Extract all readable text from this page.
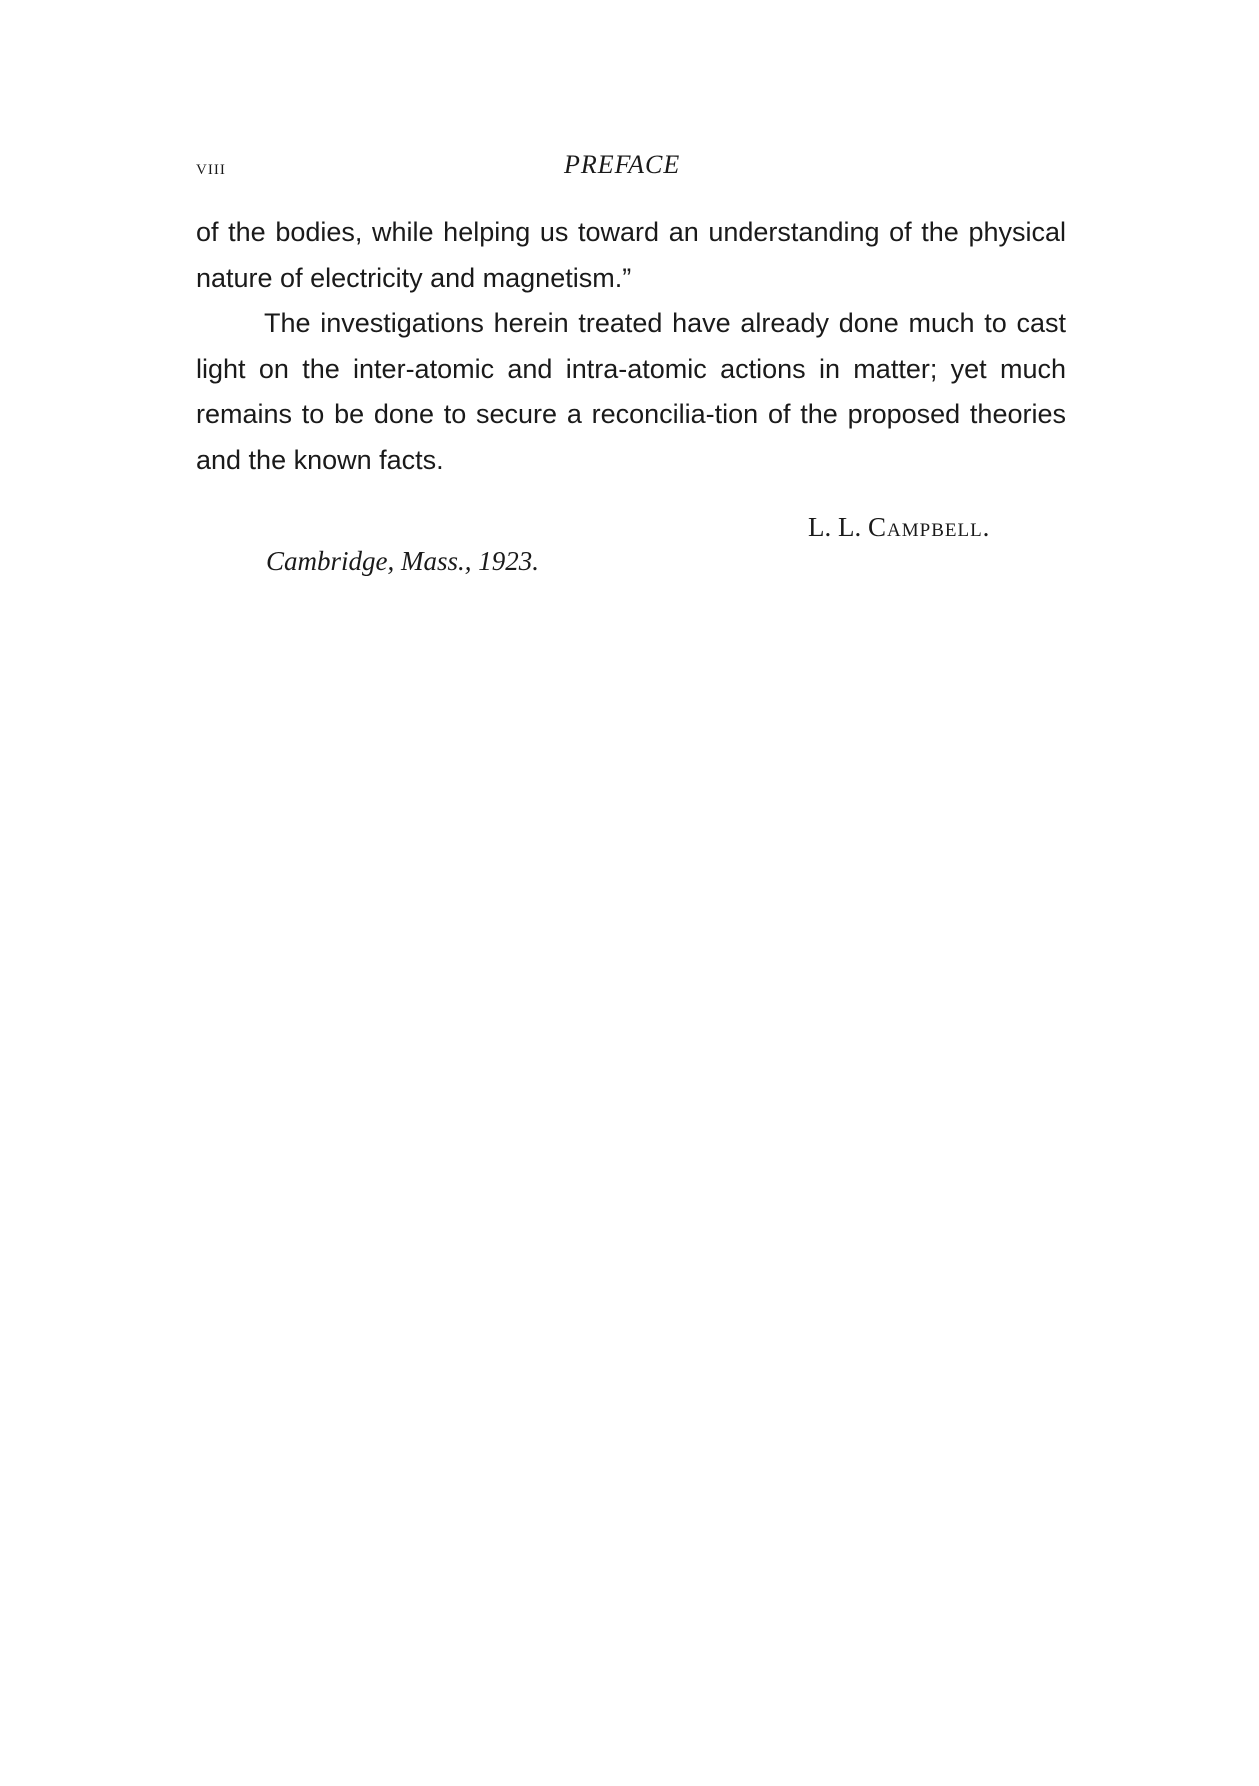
viii	PREFACE

of the bodies, while helping us toward an understanding of the physical nature of electricity and magnetism.”

The investigations herein treated have already done much to cast light on the inter-atomic and intra-atomic actions in matter; yet much remains to be done to secure a reconcilia-tion of the proposed theories and the known facts.

L. L. Campbell.
Cambridge, Mass., 1923.
